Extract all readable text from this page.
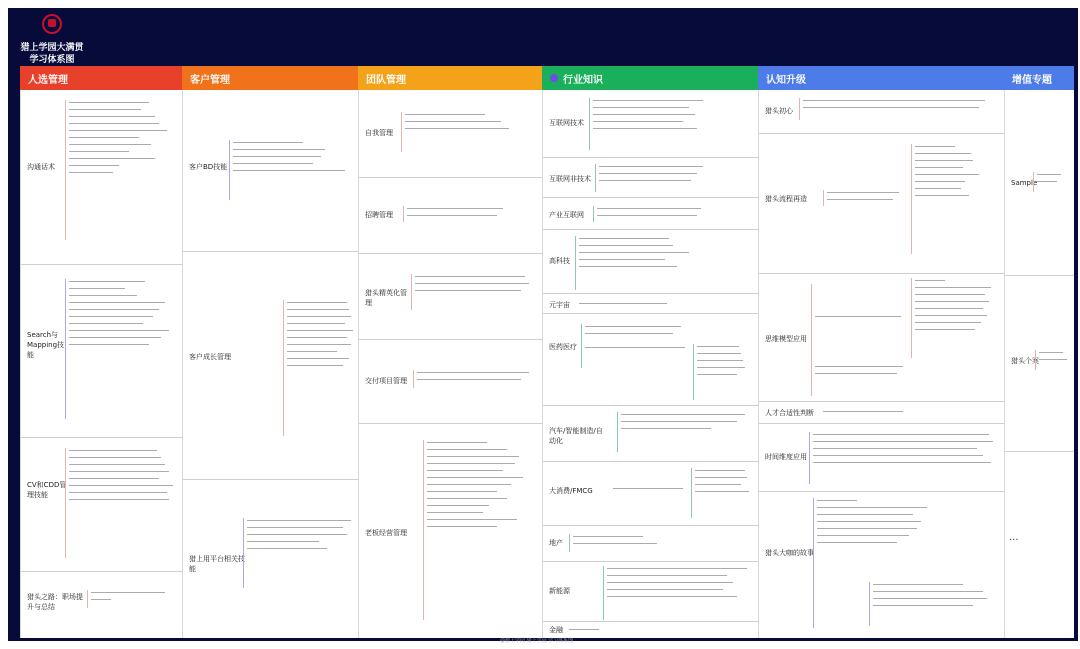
猎上学园大满贯
学习体系图
人选管理	客户管理	团队管理	行业知识	认知升级	增值专题
沟通话术
Search与Mapping技能
CV和CDD管理技能
猎头之路：职场提升与总结
客户BD技能
客户成长管理
猎上用平台相关技能
自我管理
招聘管理
猎头精英化管理
交付项目管理
老板经营管理
互联网技术
互联网非技术
产业互联网
高科技
元宇宙
医药医疗
汽车/智能制造/自动化
大消费/FMCG
地产
新能源
金融
猎头初心
猎头流程再造
思维模型应用
人才合适性判断
时间维度应用
猎头大咖的故事
Sample
猎头个案
...
@猎上学园 猎上学园 学习体系图
